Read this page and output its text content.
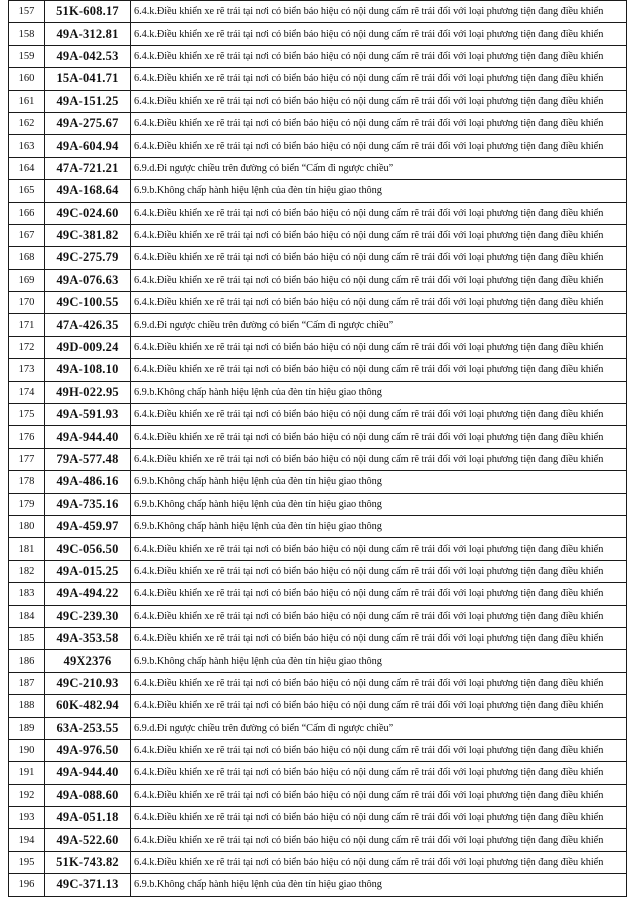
157	51K-608.17	6.4.k.Điều khiển xe rẽ trái tại nơi có biển báo hiệu có nội dung cấm rẽ trái đối với loại phương tiện đang điều khiển
158	49A-312.81	6.4.k.Điều khiển xe rẽ trái tại nơi có biển báo hiệu có nội dung cấm rẽ trái đối với loại phương tiện đang điều khiển
159	49A-042.53	6.4.k.Điều khiển xe rẽ trái tại nơi có biển báo hiệu có nội dung cấm rẽ trái đối với loại phương tiện đang điều khiển
160	15A-041.71	6.4.k.Điều khiển xe rẽ trái tại nơi có biển báo hiệu có nội dung cấm rẽ trái đối với loại phương tiện đang điều khiển
161	49A-151.25	6.4.k.Điều khiển xe rẽ trái tại nơi có biển báo hiệu có nội dung cấm rẽ trái đối với loại phương tiện đang điều khiển
162	49A-275.67	6.4.k.Điều khiển xe rẽ trái tại nơi có biển báo hiệu có nội dung cấm rẽ trái đối với loại phương tiện đang điều khiển
163	49A-604.94	6.4.k.Điều khiển xe rẽ trái tại nơi có biển báo hiệu có nội dung cấm rẽ trái đối với loại phương tiện đang điều khiển
164	47A-721.21	6.9.d.Đi ngược chiều trên đường có biển “Cấm đi ngược chiều”
165	49A-168.64	6.9.b.Không chấp hành hiệu lệnh của đèn tín hiệu giao thông
166	49C-024.60	6.4.k.Điều khiển xe rẽ trái tại nơi có biển báo hiệu có nội dung cấm rẽ trái đối với loại phương tiện đang điều khiển
167	49C-381.82	6.4.k.Điều khiển xe rẽ trái tại nơi có biển báo hiệu có nội dung cấm rẽ trái đối với loại phương tiện đang điều khiển
168	49C-275.79	6.4.k.Điều khiển xe rẽ trái tại nơi có biển báo hiệu có nội dung cấm rẽ trái đối với loại phương tiện đang điều khiển
169	49A-076.63	6.4.k.Điều khiển xe rẽ trái tại nơi có biển báo hiệu có nội dung cấm rẽ trái đối với loại phương tiện đang điều khiển
170	49C-100.55	6.4.k.Điều khiển xe rẽ trái tại nơi có biển báo hiệu có nội dung cấm rẽ trái đối với loại phương tiện đang điều khiển
171	47A-426.35	6.9.d.Đi ngược chiều trên đường có biển “Cấm đi ngược chiều”
172	49D-009.24	6.4.k.Điều khiển xe rẽ trái tại nơi có biển báo hiệu có nội dung cấm rẽ trái đối với loại phương tiện đang điều khiển
173	49A-108.10	6.4.k.Điều khiển xe rẽ trái tại nơi có biển báo hiệu có nội dung cấm rẽ trái đối với loại phương tiện đang điều khiển
174	49H-022.95	6.9.b.Không chấp hành hiệu lệnh của đèn tín hiệu giao thông
175	49A-591.93	6.4.k.Điều khiển xe rẽ trái tại nơi có biển báo hiệu có nội dung cấm rẽ trái đối với loại phương tiện đang điều khiển
176	49A-944.40	6.4.k.Điều khiển xe rẽ trái tại nơi có biển báo hiệu có nội dung cấm rẽ trái đối với loại phương tiện đang điều khiển
177	79A-577.48	6.4.k.Điều khiển xe rẽ trái tại nơi có biển báo hiệu có nội dung cấm rẽ trái đối với loại phương tiện đang điều khiển
178	49A-486.16	6.9.b.Không chấp hành hiệu lệnh của đèn tín hiệu giao thông
179	49A-735.16	6.9.b.Không chấp hành hiệu lệnh của đèn tín hiệu giao thông
180	49A-459.97	6.9.b.Không chấp hành hiệu lệnh của đèn tín hiệu giao thông
181	49C-056.50	6.4.k.Điều khiển xe rẽ trái tại nơi có biển báo hiệu có nội dung cấm rẽ trái đối với loại phương tiện đang điều khiển
182	49A-015.25	6.4.k.Điều khiển xe rẽ trái tại nơi có biển báo hiệu có nội dung cấm rẽ trái đối với loại phương tiện đang điều khiển
183	49A-494.22	6.4.k.Điều khiển xe rẽ trái tại nơi có biển báo hiệu có nội dung cấm rẽ trái đối với loại phương tiện đang điều khiển
184	49C-239.30	6.4.k.Điều khiển xe rẽ trái tại nơi có biển báo hiệu có nội dung cấm rẽ trái đối với loại phương tiện đang điều khiển
185	49A-353.58	6.4.k.Điều khiển xe rẽ trái tại nơi có biển báo hiệu có nội dung cấm rẽ trái đối với loại phương tiện đang điều khiển
186	49X2376	6.9.b.Không chấp hành hiệu lệnh của đèn tín hiệu giao thông
187	49C-210.93	6.4.k.Điều khiển xe rẽ trái tại nơi có biển báo hiệu có nội dung cấm rẽ trái đối với loại phương tiện đang điều khiển
188	60K-482.94	6.4.k.Điều khiển xe rẽ trái tại nơi có biển báo hiệu có nội dung cấm rẽ trái đối với loại phương tiện đang điều khiển
189	63A-253.55	6.9.d.Đi ngược chiều trên đường có biển “Cấm đi ngược chiều”
190	49A-976.50	6.4.k.Điều khiển xe rẽ trái tại nơi có biển báo hiệu có nội dung cấm rẽ trái đối với loại phương tiện đang điều khiển
191	49A-944.40	6.4.k.Điều khiển xe rẽ trái tại nơi có biển báo hiệu có nội dung cấm rẽ trái đối với loại phương tiện đang điều khiển
192	49A-088.60	6.4.k.Điều khiển xe rẽ trái tại nơi có biển báo hiệu có nội dung cấm rẽ trái đối với loại phương tiện đang điều khiển
193	49A-051.18	6.4.k.Điều khiển xe rẽ trái tại nơi có biển báo hiệu có nội dung cấm rẽ trái đối với loại phương tiện đang điều khiển
194	49A-522.60	6.4.k.Điều khiển xe rẽ trái tại nơi có biển báo hiệu có nội dung cấm rẽ trái đối với loại phương tiện đang điều khiển
195	51K-743.82	6.4.k.Điều khiển xe rẽ trái tại nơi có biển báo hiệu có nội dung cấm rẽ trái đối với loại phương tiện đang điều khiển
196	49C-371.13	6.9.b.Không chấp hành hiệu lệnh của đèn tín hiệu giao thông
